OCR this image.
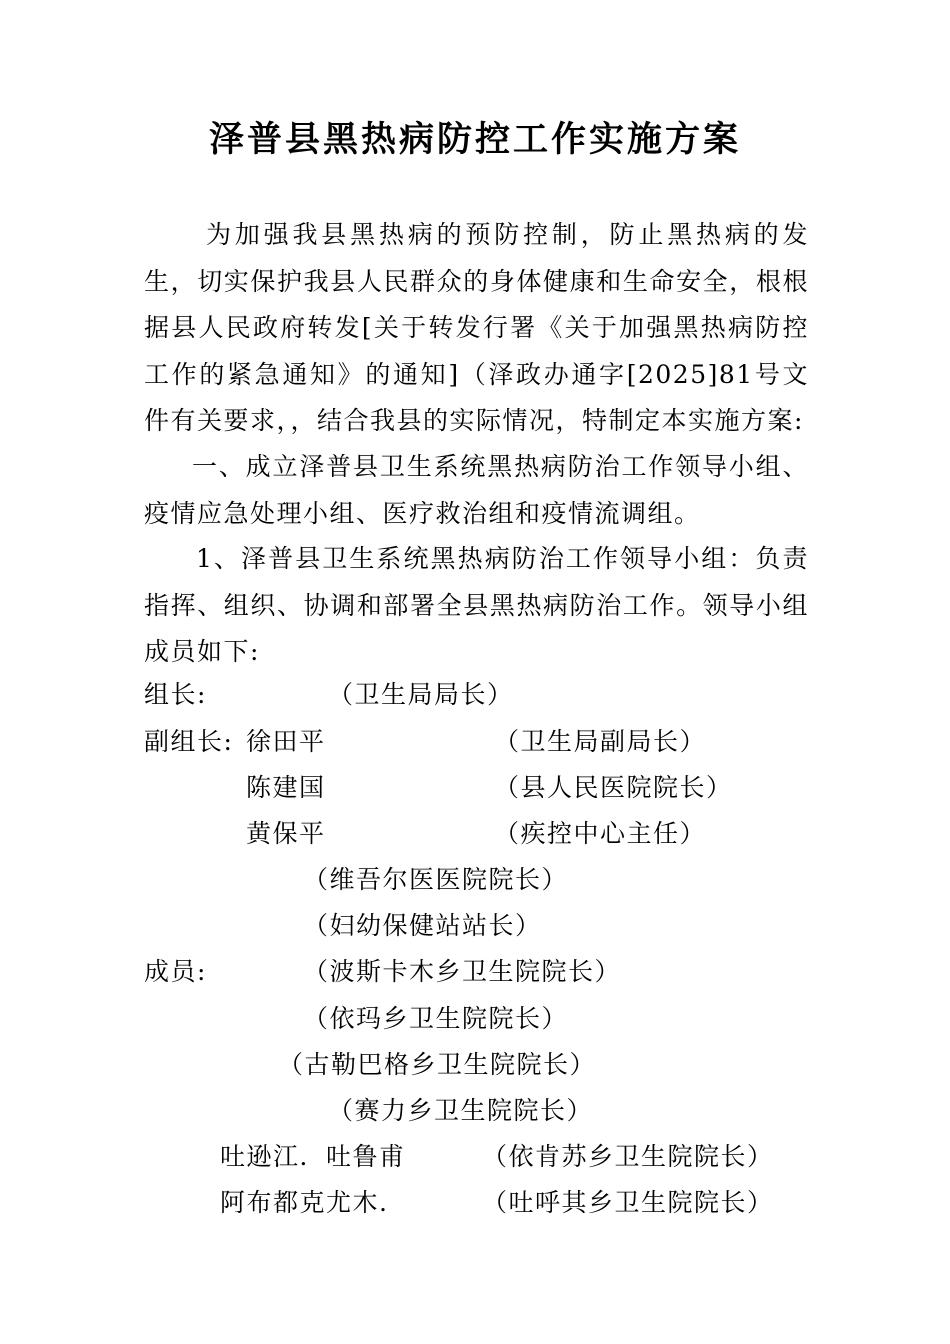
泽普县黑热病防控工作实施方案
为加强我县黑热病的预防控制，防止黑热病的发生，切实保护我县人民群众的身体健康和生命安全，根根据县人民政府转发[关于转发行署《关于加强黑热病防控工作的紧急通知》的通知]（泽政办通字[2025]81号文件有关要求，，结合我县的实际情况，特制定本实施方案:
一、成立泽普县卫生系统黑热病防治工作领导小组、疫情应急处理小组、医疗救治组和疫情流调组。
1、泽普县卫生系统黑热病防治工作领导小组：负责指挥、组织、协调和部署全县黑热病防治工作。领导小组成员如下:
组长:	（卫生局局长）
副组长: 徐田平	（卫生局副局长）
陈建国	（县人民医院院长）
黄保平	（疾控中心主任）
（维吾尔医医院院长）
（妇幼保健站站长）
成员:	（波斯卡木乡卫生院院长）
（依玛乡卫生院院长）
（古勒巴格乡卫生院院长）
（赛力乡卫生院院长）
吐逊江．吐鲁甫	（依肯苏乡卫生院院长）
阿布都克尤木.	（吐呼其乡卫生院院长）
